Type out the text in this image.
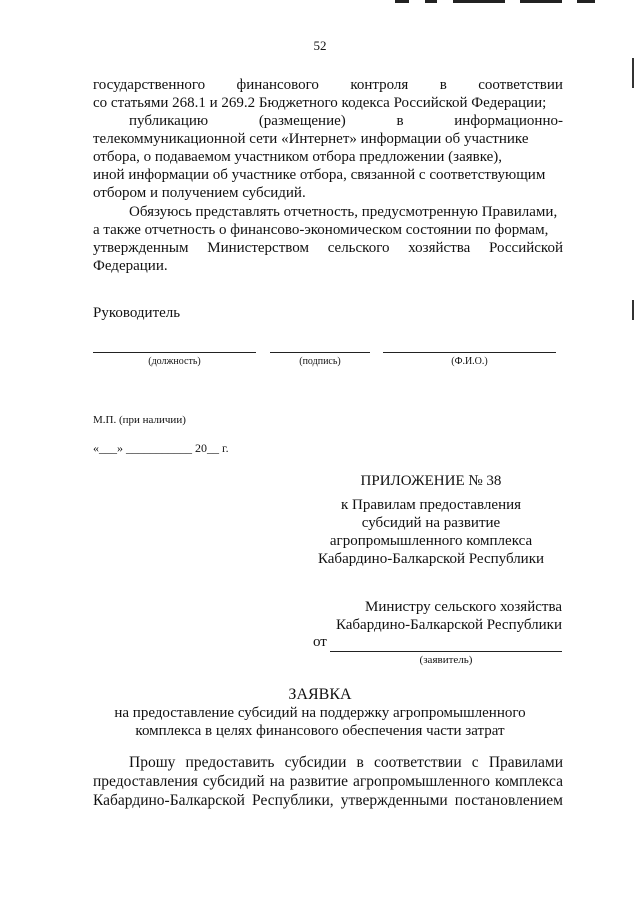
52
государственного финансового контроля в соответствии
со статьями 268.1 и 269.2 Бюджетного кодекса Российской Федерации;
публикацию	(размещение)	в	информационно-
телекоммуникационной сети «Интернет» информации об участнике
отбора, о подаваемом участником отбора предложении (заявке),
иной информации об участнике отбора, связанной с соответствующим
отбором и получением субсидий.
Обязуюсь представлять отчетность, предусмотренную Правилами,
а также отчетность о финансово-экономическом состоянии по формам,
утвержденным Министерством сельского хозяйства Российской
Федерации.
Руководитель
(должность)	(подпись)	(Ф.И.О.)
М.П. (при наличии)
«___» ___________ 20__ г.
ПРИЛОЖЕНИЕ № 38
к Правилам предоставления
субсидий на развитие
агропромышленного комплекса
Кабардино-Балкарской Республики
Министру сельского хозяйства
Кабардино-Балкарской Республики
от
(заявитель)
ЗАЯВКА
на предоставление субсидий на поддержку агропромышленного
комплекса в целях финансового обеспечения части затрат
Прошу предоставить субсидии в соответствии с Правилами
предоставления субсидий на развитие агропромышленного комплекса
Кабардино-Балкарской Республики, утвержденными постановлением
